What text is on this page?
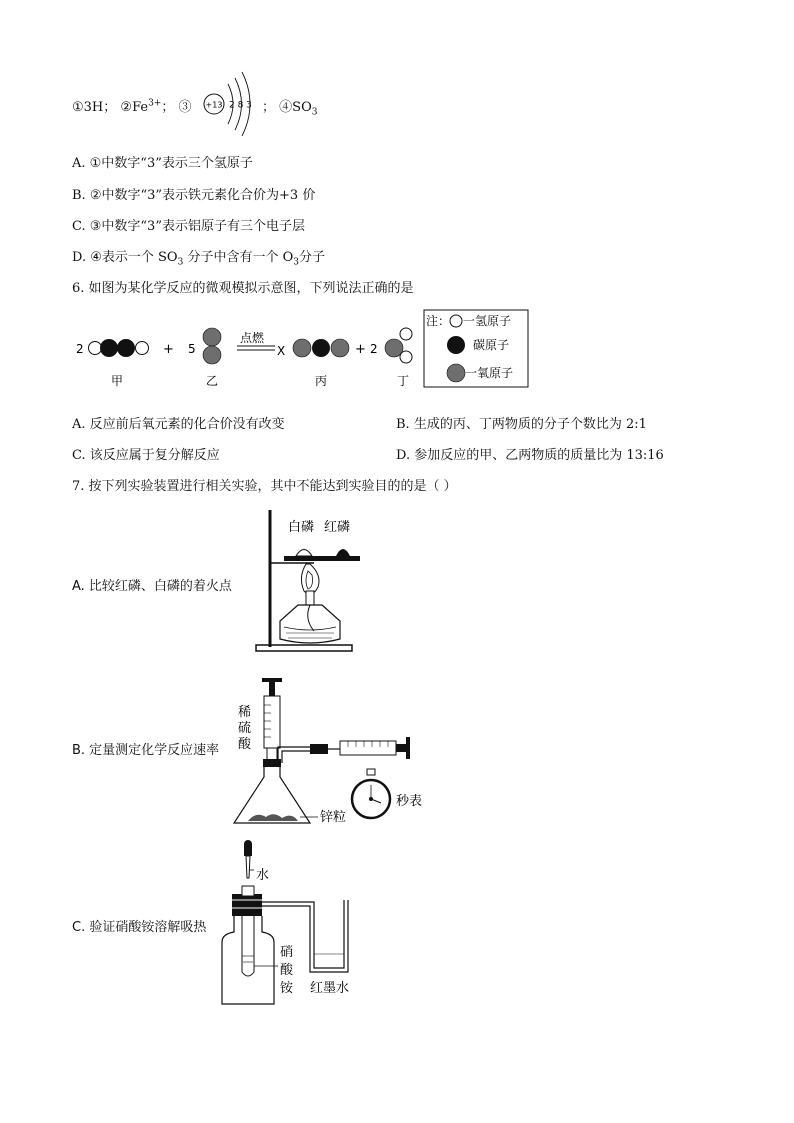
①3H； $②Fe^{3+}$； ③ +13 2 8 3 ； $④SO_3$
A. ①中数字“3”表示三个氢原子
B. ②中数字“3”表示铁元素化合价为+3 价
C. ③中数字“3”表示铝原子有三个电子层
D. ④表示一个 $SO_3$ 分子中含有一个 $O_3$分子
6. 如图为某化学反应的微观模拟示意图，下列说法正确的是
2	+ 5
点燃
X	+ 2
甲	乙	丙	丁
注： 一氢原子
碳原子
一氧原子
A. 反应前后氧元素的化合价没有改变	B. 生成的丙、丁两物质的分子个数比为 2:1
C. 该反应属于复分解反应	D. 参加反应的甲、乙两物质的质量比为 13:16
7. 按下列实验装置进行相关实验，其中不能达到实验目的的是（ ）
A. 比较红磷、白磷的着火点
白磷 红磷
B. 定量测定化学反应速率
稀
硫
酸
锌粒
秒表
C. 验证硝酸铵溶解吸热
水
硝
酸
铵 红墨水
